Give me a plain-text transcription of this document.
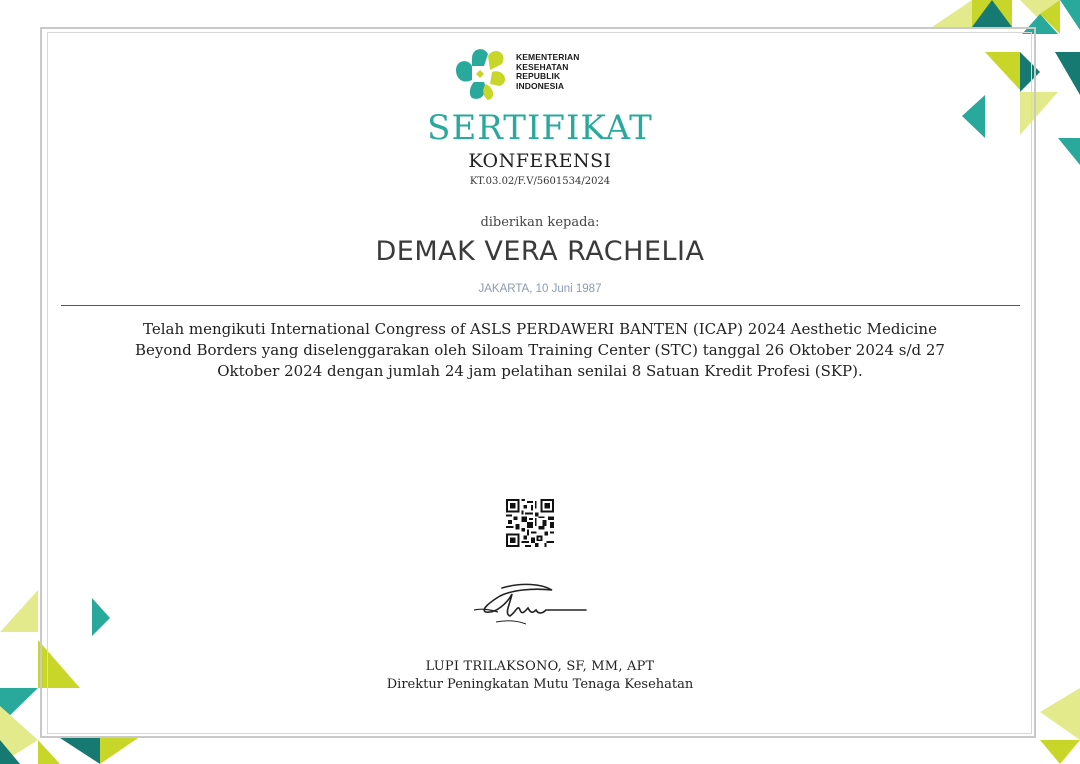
KEMENTERIAN
KESEHATAN
REPUBLIK
INDONESIA
SERTIFIKAT
KONFERENSI
KT.03.02/F.V/5601534/2024
diberikan kepada:
DEMAK VERA RACHELIA
JAKARTA, 10 Juni 1987
Telah mengikuti International Congress of ASLS PERDAWERI BANTEN (ICAP) 2024 Aesthetic Medicine
Beyond Borders yang diselenggarakan oleh Siloam Training Center (STC) tanggal 26 Oktober 2024 s/d 27
Oktober 2024 dengan jumlah 24 jam pelatihan senilai 8 Satuan Kredit Profesi (SKP).
LUPI TRILAKSONO, SF, MM, APT
Direktur Peningkatan Mutu Tenaga Kesehatan
